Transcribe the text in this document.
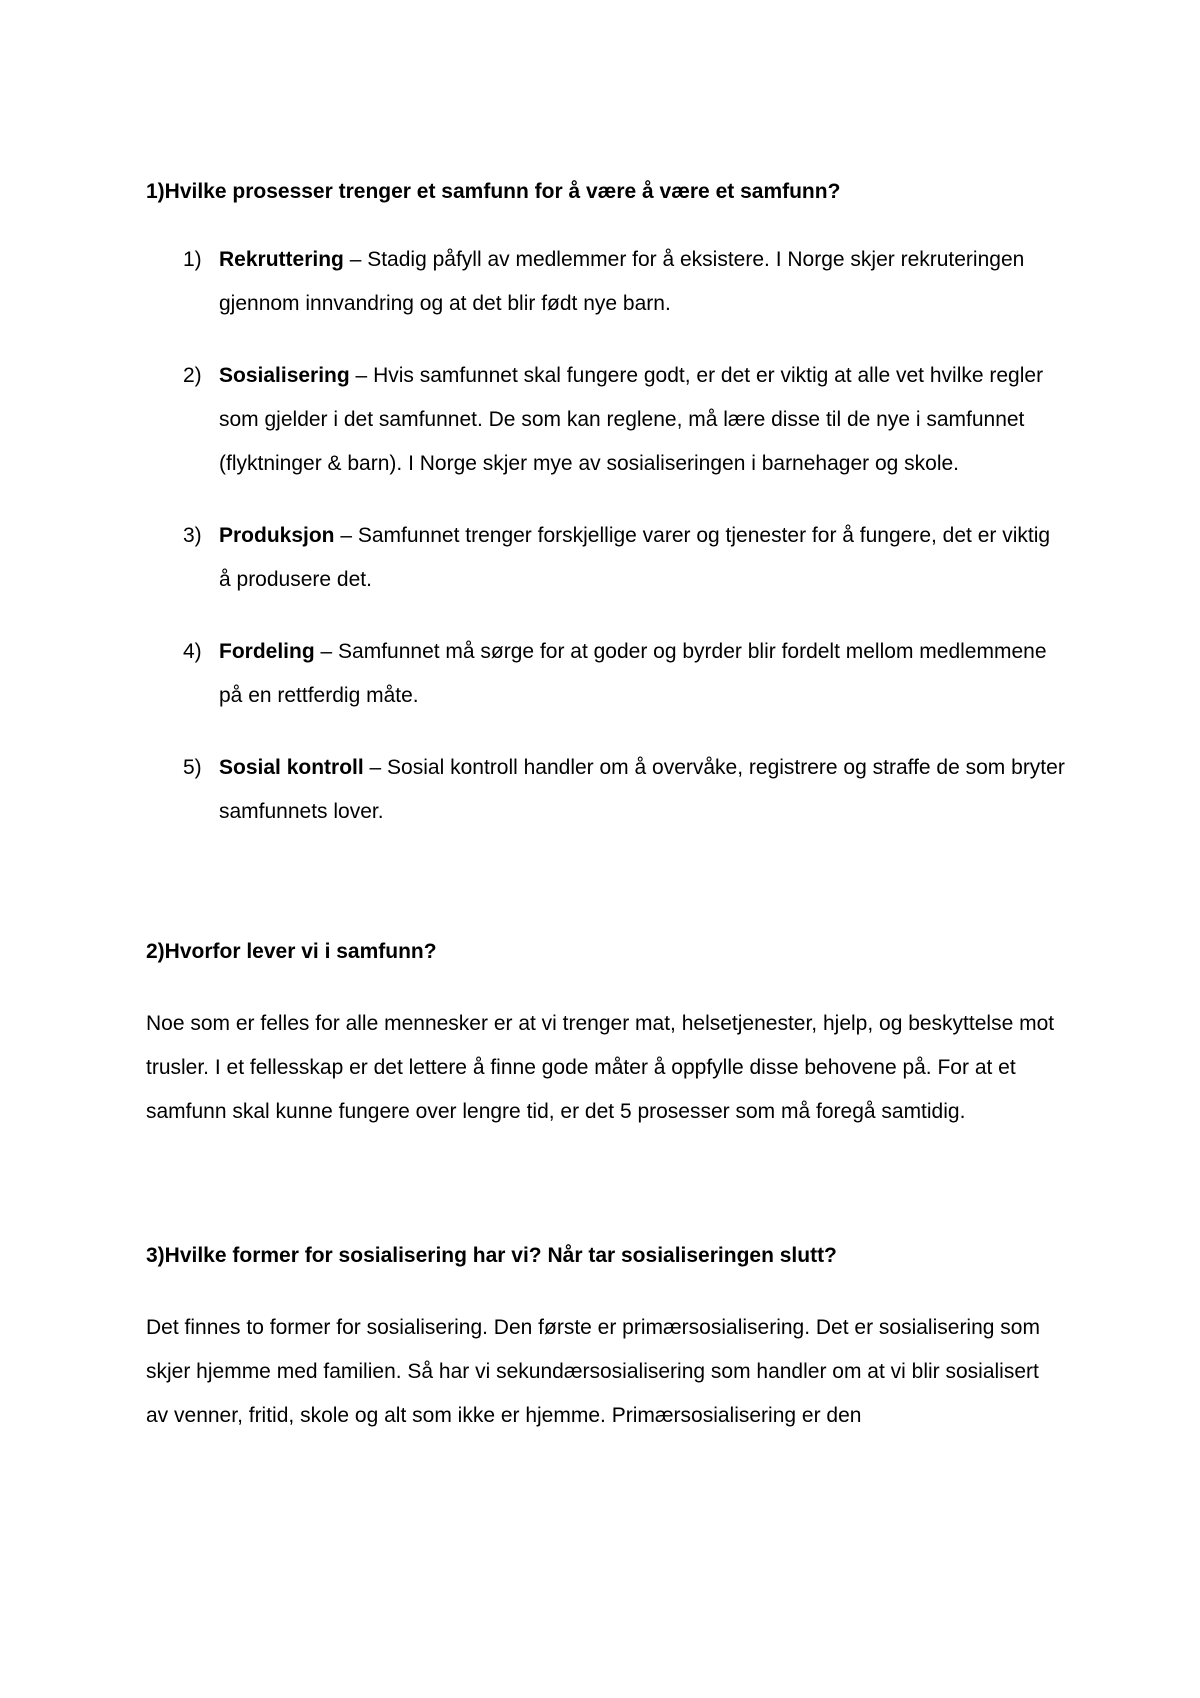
1)Hvilke prosesser trenger et samfunn for å være å være et samfunn?

1) Rekruttering – Stadig påfyll av medlemmer for å eksistere. I Norge skjer rekruteringen gjennom innvandring og at det blir født nye barn.
2) Sosialisering – Hvis samfunnet skal fungere godt, er det er viktig at alle vet hvilke regler som gjelder i det samfunnet. De som kan reglene, må lære disse til de nye i samfunnet (flyktninger & barn). I Norge skjer mye av sosialiseringen i barnehager og skole.
3) Produksjon – Samfunnet trenger forskjellige varer og tjenester for å fungere, det er viktig å produsere det.
4) Fordeling – Samfunnet må sørge for at goder og byrder blir fordelt mellom medlemmene på en rettferdig måte.
5) Sosial kontroll – Sosial kontroll handler om å overvåke, registrere og straffe de som bryter samfunnets lover.

2)Hvorfor lever vi i samfunn?

Noe som er felles for alle mennesker er at vi trenger mat, helsetjenester, hjelp, og beskyttelse mot trusler. I et fellesskap er det lettere å finne gode måter å oppfylle disse behovene på. For at et samfunn skal kunne fungere over lengre tid, er det 5 prosesser som må foregå samtidig.

3)Hvilke former for sosialisering har vi? Når tar sosialiseringen slutt?

Det finnes to former for sosialisering. Den første er primærsosialisering. Det er sosialisering som skjer hjemme med familien. Så har vi sekundærsosialisering som handler om at vi blir sosialisert av venner, fritid, skole og alt som ikke er hjemme. Primærsosialisering er den
